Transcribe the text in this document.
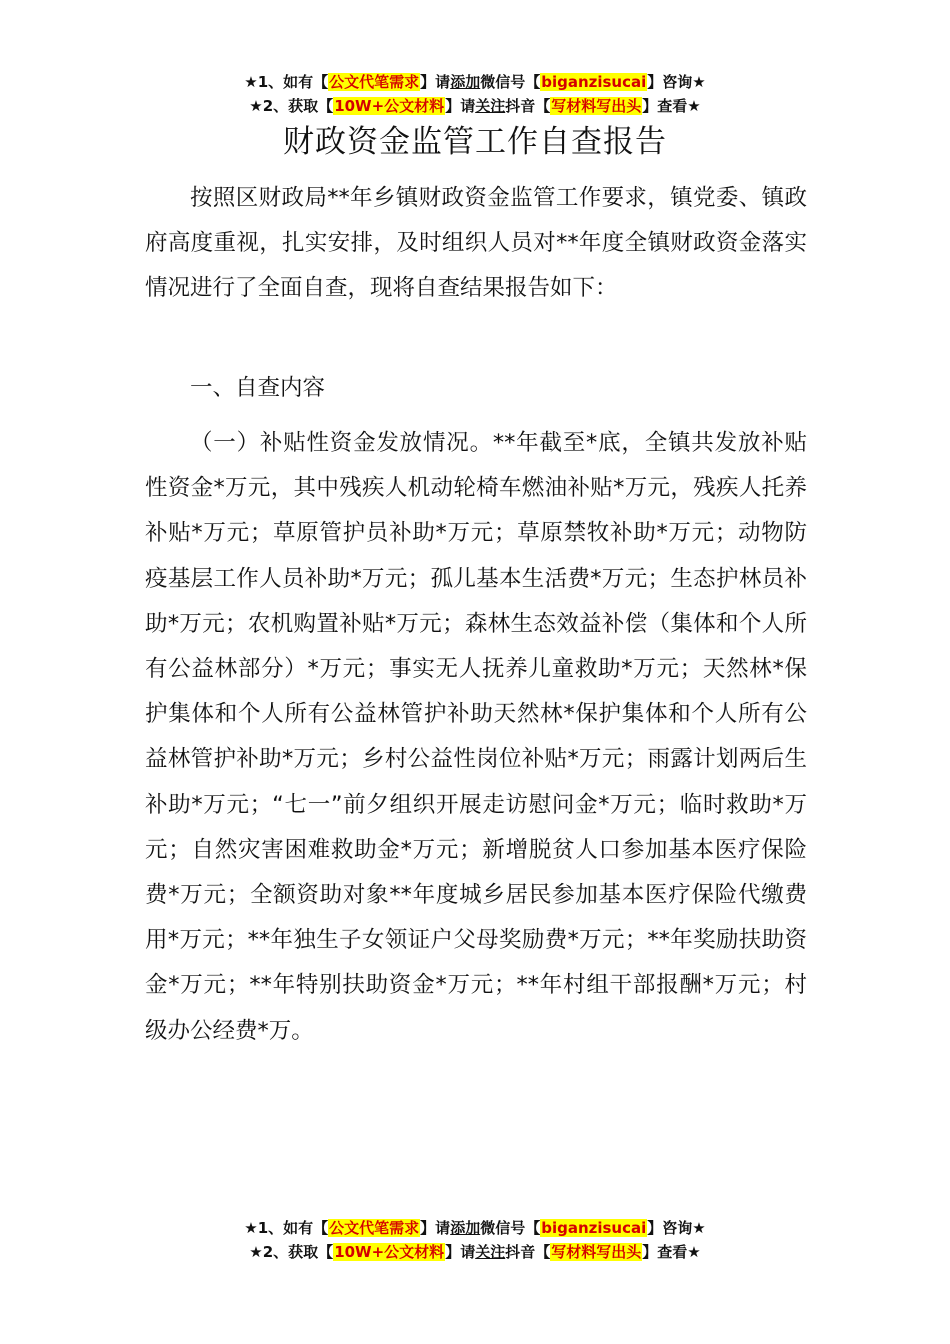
★1、如有【公文代笔需求】请添加微信号【biganzisucai】咨询★
★2、获取【10W+公文材料】请关注抖音【写材料写出头】查看★
财政资金监管工作自查报告

按照区财政局**年乡镇财政资金监管工作要求，镇党委、镇政府高度重视，扎实安排，及时组织人员对**年度全镇财政资金落实情况进行了全面自查，现将自查结果报告如下：

一、自查内容

（一）补贴性资金发放情况。**年截至*底，全镇共发放补贴性资金*万元，其中残疾人机动轮椅车燃油补贴*万元，残疾人托养补贴*万元；草原管护员补助*万元；草原禁牧补助*万元；动物防疫基层工作人员补助*万元；孤儿基本生活费*万元；生态护林员补助*万元；农机购置补贴*万元；森林生态效益补偿（集体和个人所有公益林部分）*万元；事实无人抚养儿童救助*万元；天然林*保护集体和个人所有公益林管护补助天然林*保护集体和个人所有公益林管护补助*万元；乡村公益性岗位补贴*万元；雨露计划两后生补助*万元；“七一”前夕组织开展走访慰问金*万元；临时救助*万元；自然灾害困难救助金*万元；新增脱贫人口参加基本医疗保险费*万元；全额资助对象**年度城乡居民参加基本医疗保险代缴费用*万元；**年独生子女领证户父母奖励费*万元；**年奖励扶助资金*万元；**年特别扶助资金*万元；**年村组干部报酬*万元；村级办公经费*万。

★1、如有【公文代笔需求】请添加微信号【biganzisucai】咨询★
★2、获取【10W+公文材料】请关注抖音【写材料写出头】查看★
